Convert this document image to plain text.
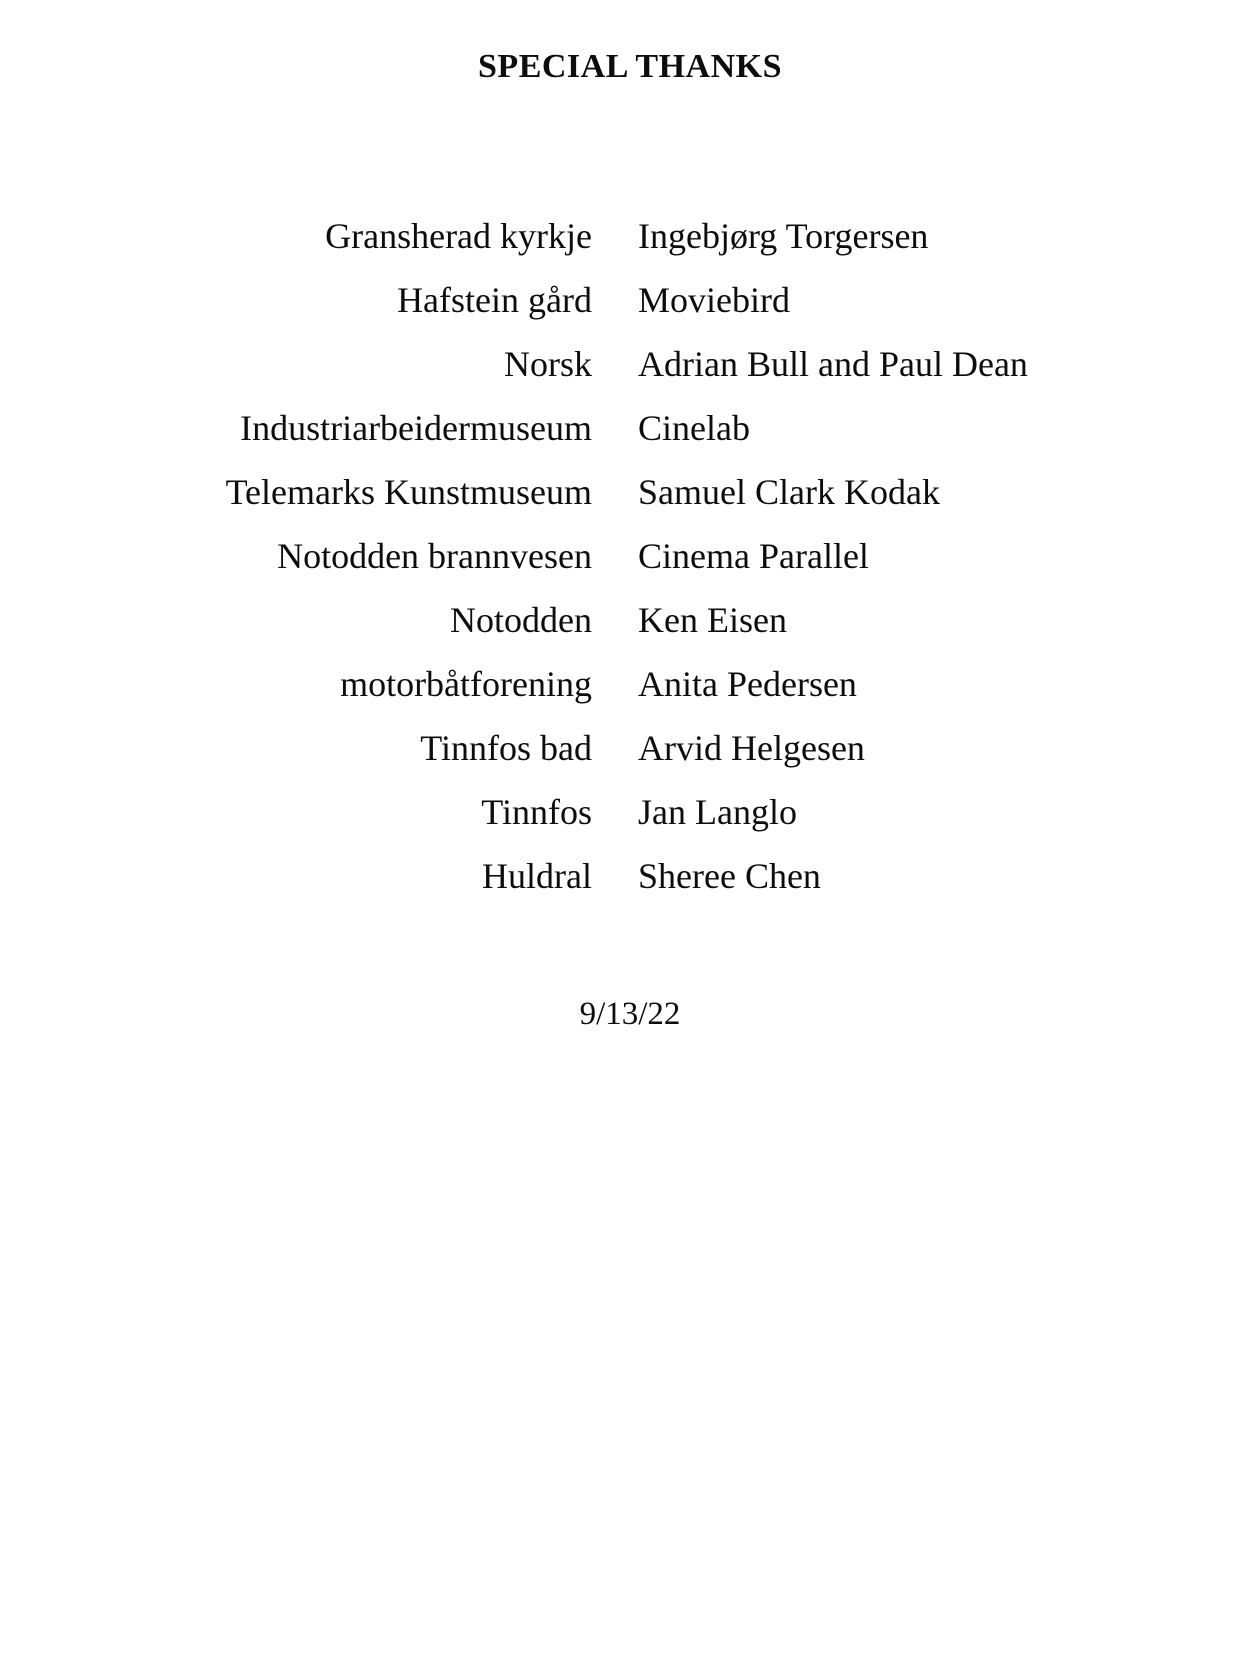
SPECIAL THANKS
Gransherad kyrkje
Hafstein gård
Norsk
Industriarbeidermuseum
Telemarks Kunstmuseum
Notodden brannvesen
Notodden
motorbåtforening
Tinnfos bad
Tinnfos
Huldral
Ingebjørg Torgersen
Moviebird
Adrian Bull and Paul Dean
Cinelab
Samuel Clark Kodak
Cinema Parallel
Ken Eisen
Anita Pedersen
Arvid Helgesen
Jan Langlo
Sheree Chen
9/13/22
